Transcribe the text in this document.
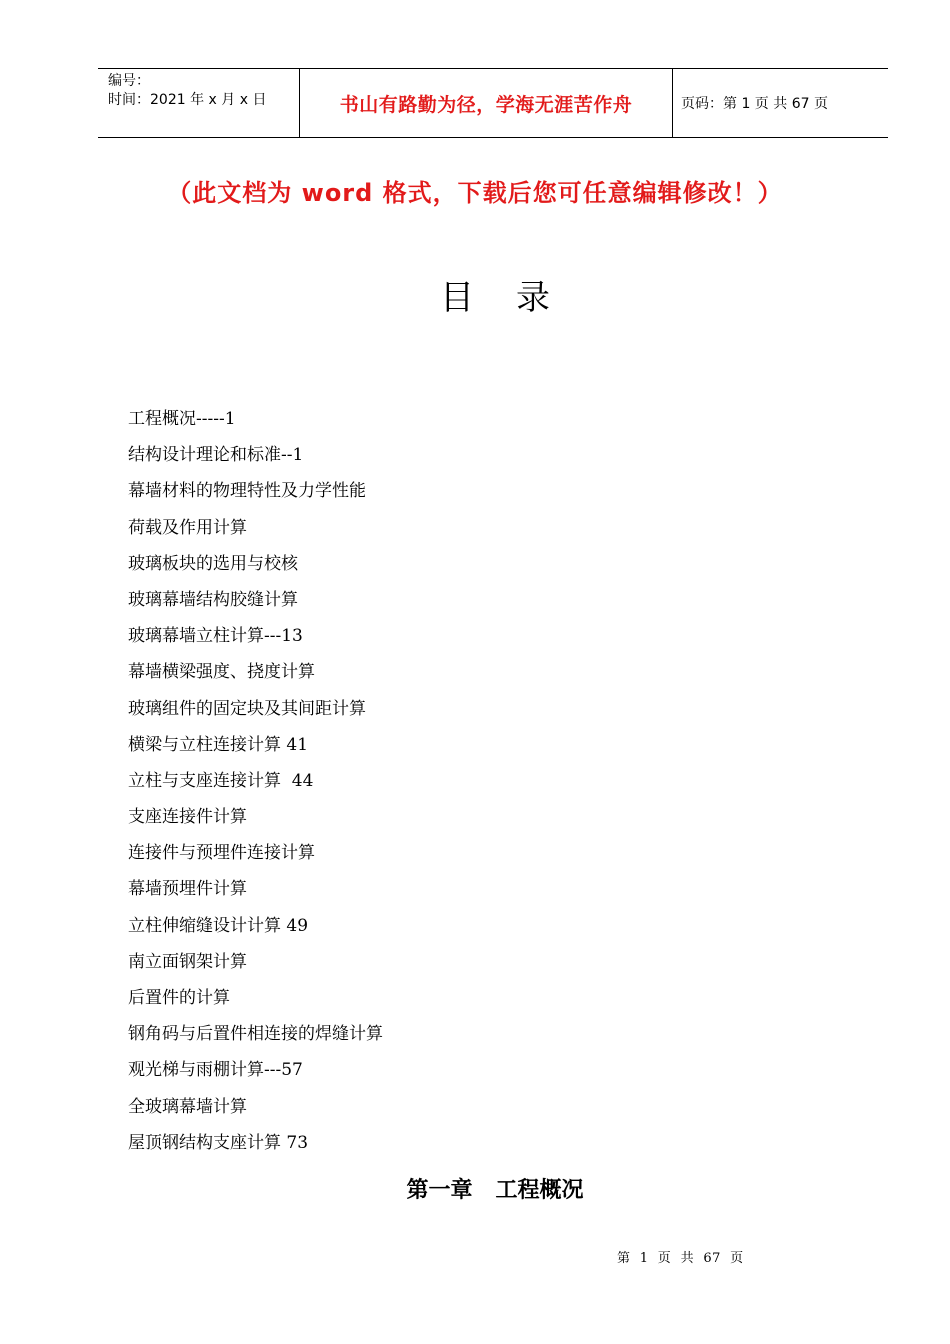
编号：
时间：2021 年 x 月 x 日	书山有路勤为径，学海无涯苦作舟	页码：第 1 页 共 67 页
（此文档为 word 格式，下载后您可任意编辑修改！）
目 录
工程概况-----1
结构设计理论和标准--1
幕墙材料的物理特性及力学性能
荷载及作用计算
玻璃板块的选用与校核
玻璃幕墙结构胶缝计算
玻璃幕墙立柱计算---13
幕墙横梁强度、挠度计算
玻璃组件的固定块及其间距计算
横梁与立柱连接计算 41
立柱与支座连接计算  44
支座连接件计算
连接件与预埋件连接计算
幕墙预埋件计算
立柱伸缩缝设计计算 49
南立面钢架计算
后置件的计算
钢角码与后置件相连接的焊缝计算
观光梯与雨棚计算---57
全玻璃幕墙计算
屋顶钢结构支座计算 73
第一章   工程概况
第  1  页  共  67  页
